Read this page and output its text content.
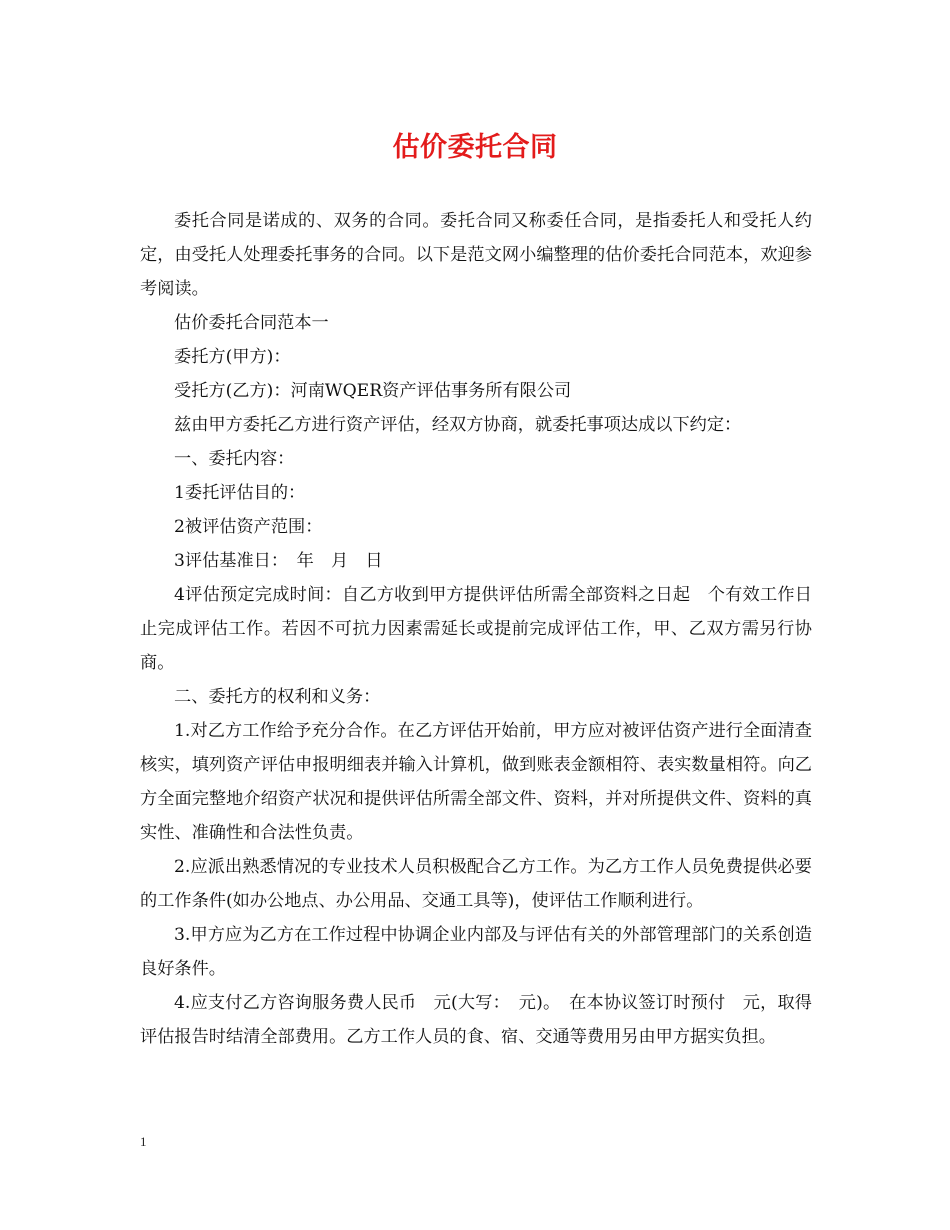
估价委托合同

委托合同是诺成的、双务的合同。委托合同又称委任合同，是指委托人和受托人约定，由受托人处理委托事务的合同。以下是范文网小编整理的估价委托合同范本，欢迎参考阅读。

估价委托合同范本一

委托方(甲方)：

受托方(乙方)：河南WQER资产评估事务所有限公司

兹由甲方委托乙方进行资产评估，经双方协商，就委托事项达成以下约定：

一、委托内容：

1委托评估目的：

2被评估资产范围：

3评估基准日：　年　月　日

4评估预定完成时间：自乙方收到甲方提供评估所需全部资料之日起　个有效工作日止完成评估工作。若因不可抗力因素需延长或提前完成评估工作，甲、乙双方需另行协商。

二、委托方的权利和义务：

1.对乙方工作给予充分合作。在乙方评估开始前，甲方应对被评估资产进行全面清查核实，填列资产评估申报明细表并输入计算机，做到账表金额相符、表实数量相符。向乙方全面完整地介绍资产状况和提供评估所需全部文件、资料，并对所提供文件、资料的真实性、准确性和合法性负责。

2.应派出熟悉情况的专业技术人员积极配合乙方工作。为乙方工作人员免费提供必要的工作条件(如办公地点、办公用品、交通工具等)，使评估工作顺利进行。

3.甲方应为乙方在工作过程中协调企业内部及与评估有关的外部管理部门的关系创造良好条件。

4.应支付乙方咨询服务费人民币　元(大写：　元)。　在本协议签订时预付　元，取得评估报告时结清全部费用。乙方工作人员的食、宿、交通等费用另由甲方据实负担。

1
